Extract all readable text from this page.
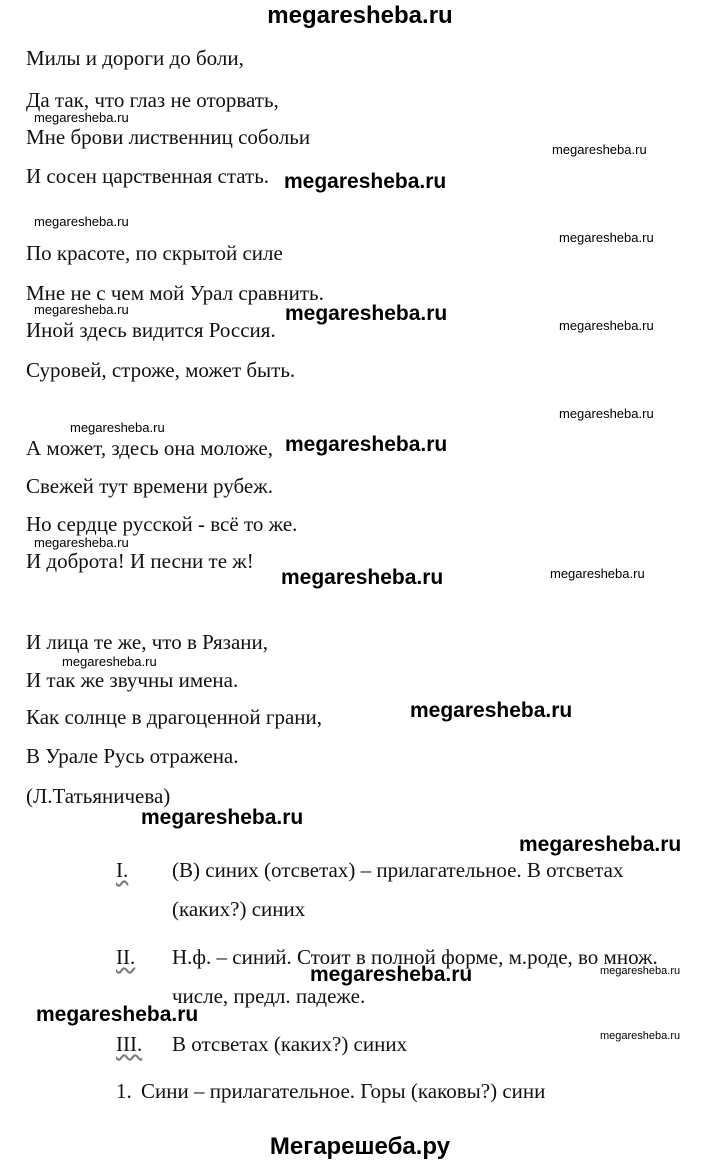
megaresheba.ru
Милы и дороги до боли,
Да так, что глаз не оторвать,
Мне брови лиственниц собольи
И сосен царственная стать.
По красоте, по скрытой силе
Мне не с чем мой Урал сравнить.
Иной здесь видится Россия.
Суровей, строже, может быть.
А может, здесь она моложе,
Свежей тут времени рубеж.
Но сердце русской - всё то же.
И доброта! И песни те ж!
И лица те же, что в Рязани,
И так же звучны имена.
Как солнце в драгоценной грани,
В Урале Русь отражена.
(Л.Татьяничева)
I. (В) синих (отсветах) – прилагательное. В отсветах
(каких?) синих
II. Н.ф. – синий. Стоит в полной форме, м.роде, во множ.
числе, предл. падеже.
III. В отсветах (каких?) синих
1. Сини – прилагательное. Горы (каковы?) сини
megaresheba.ru
megaresheba.ru
megaresheba.ru
megaresheba.ru
megaresheba.ru
megaresheba.ru
megaresheba.ru
megaresheba.ru
megaresheba.ru
megaresheba.ru
megaresheba.ru
megaresheba.ru
megaresheba.ru
megaresheba.ru
megaresheba.ru
megaresheba.ru
megaresheba.ru
megaresheba.ru
megaresheba.ru
megaresheba.ru
megaresheba.ru
megaresheba.ru
Мегарешеба.ру
